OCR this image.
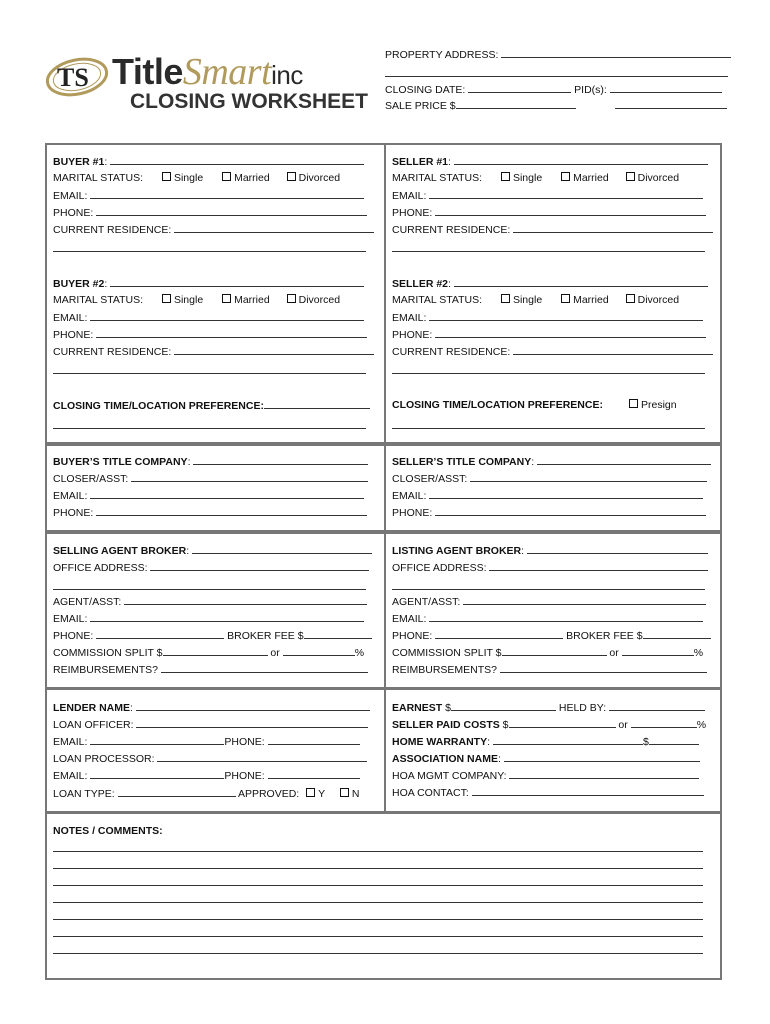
TS TitleSmartinc
CLOSING WORKSHEET
PROPERTY ADDRESS:
CLOSING DATE:	PID(s):
SALE PRICE $
BUYER #1:
MARITAL STATUS:	Single	Married	Divorced
EMAIL:
PHONE:
CURRENT RESIDENCE:
BUYER #2:
MARITAL STATUS:	Single	Married	Divorced
EMAIL:
PHONE:
CURRENT RESIDENCE:
SELLER #1:
MARITAL STATUS:	Single	Married	Divorced
EMAIL:
PHONE:
CURRENT RESIDENCE:
SELLER #2:
MARITAL STATUS:	Single	Married	Divorced
EMAIL:
PHONE:
CURRENT RESIDENCE:
CLOSING TIME/LOCATION PREFERENCE:	CLOSING TIME/LOCATION PREFERENCE:	Presign
BUYER’S TITLE COMPANY:
CLOSER/ASST:
EMAIL:
PHONE:
SELLER’S TITLE COMPANY:
CLOSER/ASST:
EMAIL:
PHONE:
SELLING AGENT BROKER:
OFFICE ADDRESS:
AGENT/ASST:
EMAIL:
PHONE:	BROKER FEE $
COMMISSION SPLIT $	or	%
REIMBURSEMENTS?
LISTING AGENT BROKER:
OFFICE ADDRESS:
AGENT/ASST:
EMAIL:
PHONE:	BROKER FEE $
COMMISSION SPLIT $	or	%
REIMBURSEMENTS?
LENDER NAME:
LOAN OFFICER:
EMAIL:	PHONE:
LOAN PROCESSOR:
EMAIL:	PHONE:
LOAN TYPE:	APPROVED: Y	N
EARNEST $	HELD BY:
SELLER PAID COSTS $	or	%
HOME WARRANTY:	$
ASSOCIATION NAME:
HOA MGMT COMPANY:
HOA CONTACT:
NOTES / COMMENTS:
